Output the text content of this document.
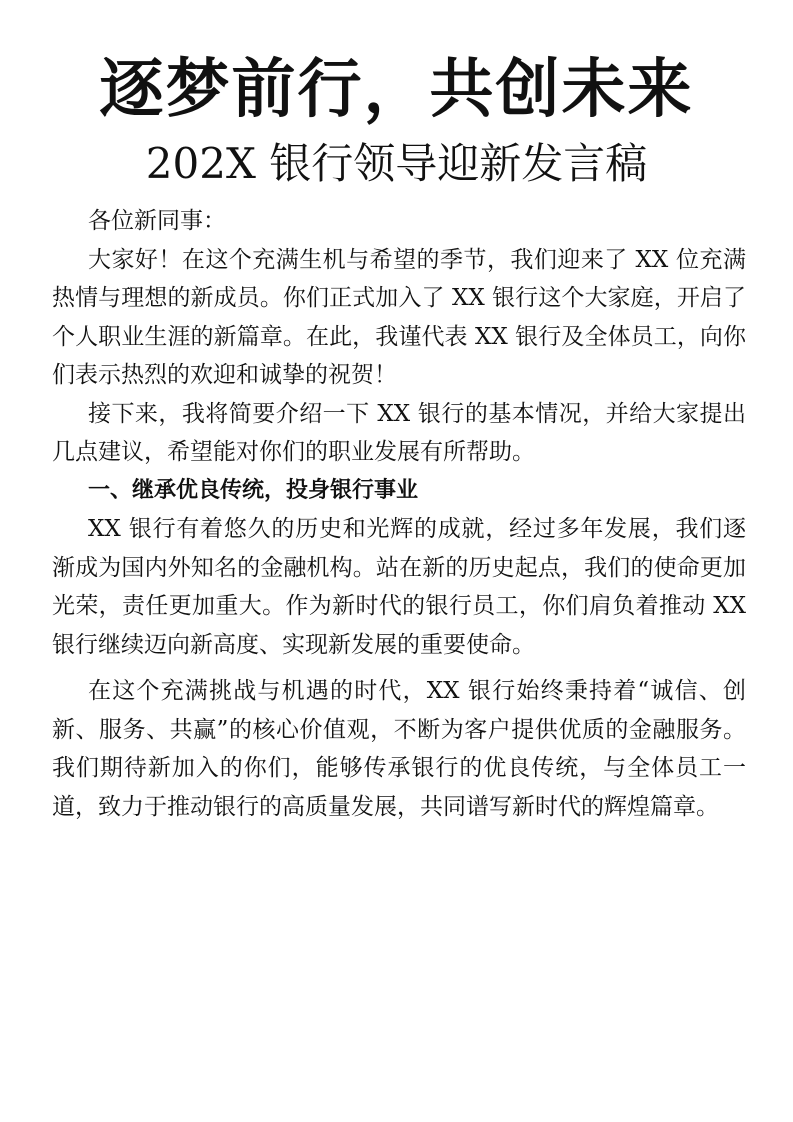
逐梦前行，共创未来
202X 银行领导迎新发言稿

各位新同事：

大家好！在这个充满生机与希望的季节，我们迎来了 XX 位充满热情与理想的新成员。你们正式加入了 XX 银行这个大家庭，开启了个人职业生涯的新篇章。在此，我谨代表 XX 银行及全体员工，向你们表示热烈的欢迎和诚挚的祝贺！

接下来，我将简要介绍一下 XX 银行的基本情况，并给大家提出几点建议，希望能对你们的职业发展有所帮助。

一、继承优良传统，投身银行事业

XX 银行有着悠久的历史和光辉的成就，经过多年发展，我们逐渐成为国内外知名的金融机构。站在新的历史起点，我们的使命更加光荣，责任更加重大。作为新时代的银行员工，你们肩负着推动 XX 银行继续迈向新高度、实现新发展的重要使命。

在这个充满挑战与机遇的时代，XX 银行始终秉持着“诚信、创新、服务、共赢”的核心价值观，不断为客户提供优质的金融服务。我们期待新加入的你们，能够传承银行的优良传统，与全体员工一道，致力于推动银行的高质量发展，共同谱写新时代的辉煌篇章。
